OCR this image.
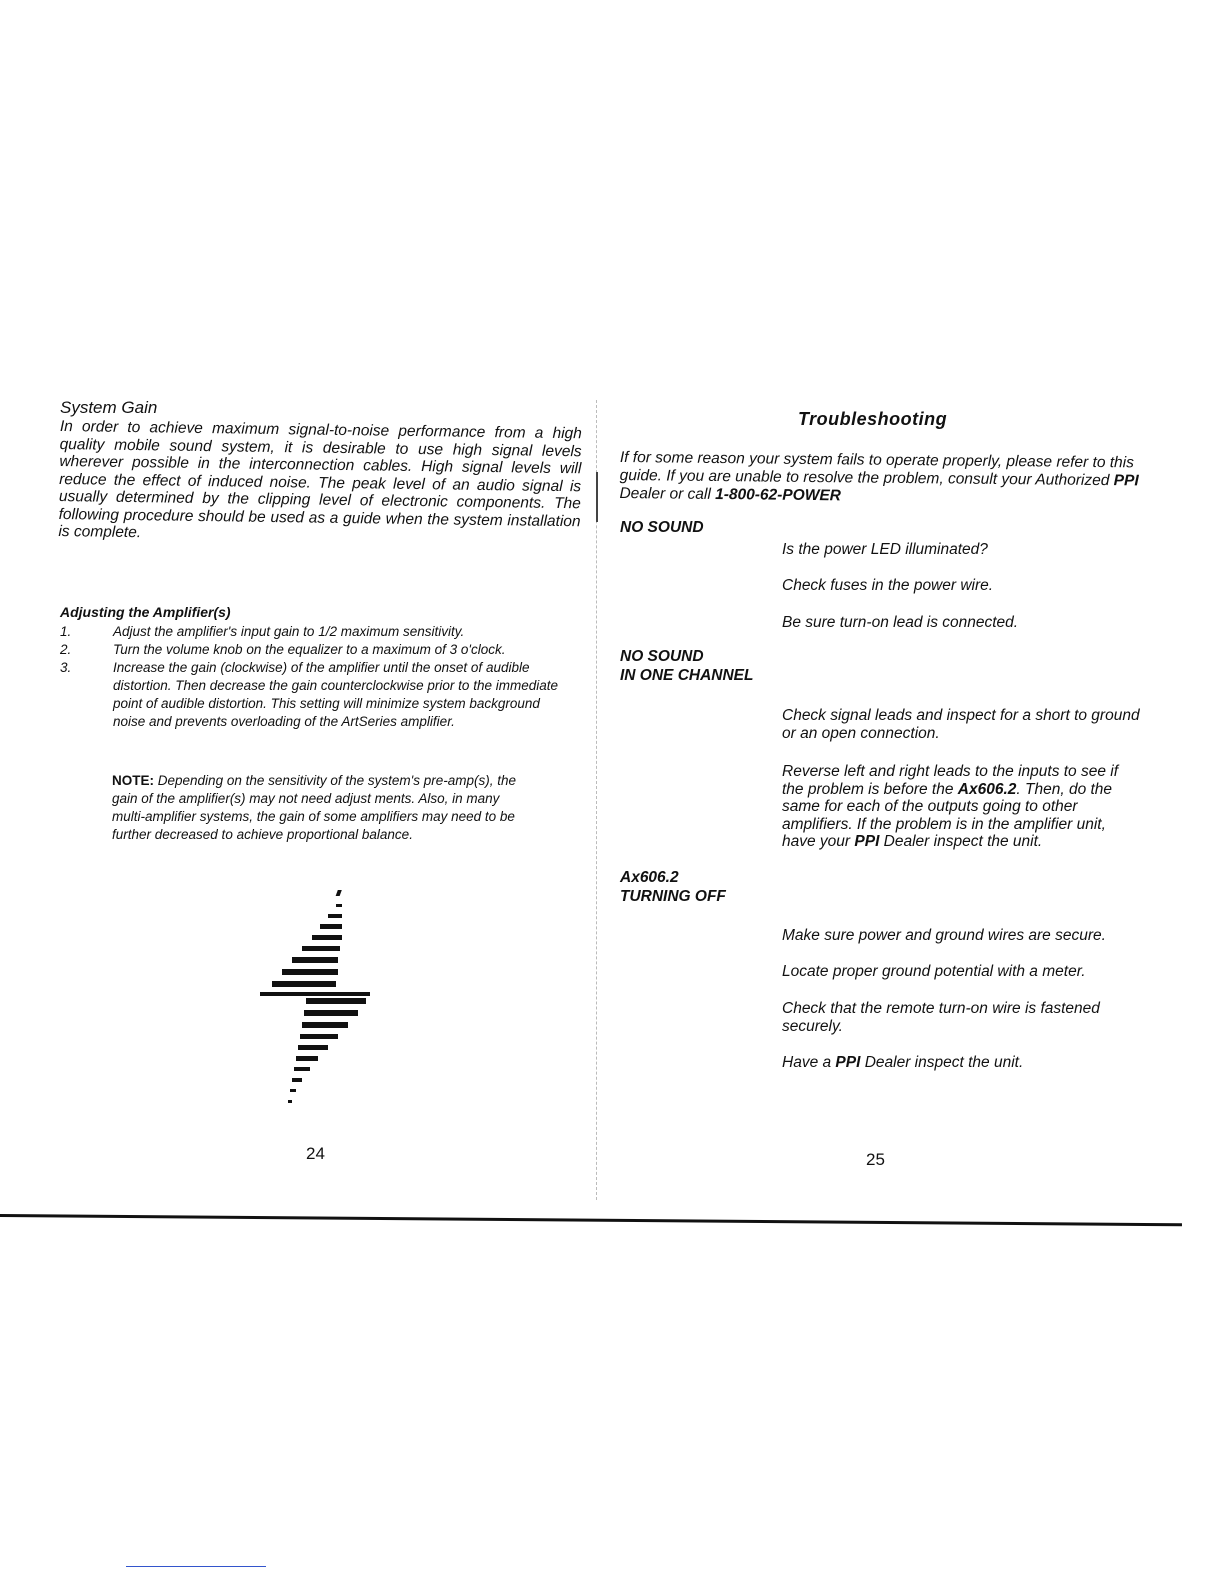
System Gain
In order to achieve maximum signal-to-noise performance from a high quality mobile sound system, it is desirable to use high signal levels wherever possible in the interconnection cables. High signal levels will reduce the effect of induced noise. The peak level of an audio signal is usually determined by the clipping level of electronic components. The following procedure should be used as a guide when the system installation is complete.
Adjusting the Amplifier(s)
1.	Adjust the amplifier's input gain to 1/2 maximum sensitivity.
2.	Turn the volume knob on the equalizer to a maximum of 3 o'clock.
3.	Increase the gain (clockwise) of the amplifier until the onset of audible distortion. Then decrease the gain counterclockwise prior to the immediate point of audible distortion. This setting will minimize system background noise and prevents overloading of the ArtSeries amplifier.
NOTE: Depending on the sensitivity of the system's pre-amp(s), the gain of the amplifier(s) may not need adjust ments. Also, in many multi-amplifier systems, the gain of some amplifiers may need to be further decreased to achieve proportional balance.
24
Troubleshooting
If for some reason your system fails to operate properly, please refer to this guide. If you are unable to resolve the problem, consult your Authorized PPI Dealer or call 1-800-62-POWER
NO SOUND
Is the power LED illuminated?
Check fuses in the power wire.
Be sure turn-on lead is connected.
NO SOUND
IN ONE CHANNEL
Check signal leads and inspect for a short to ground or an open connection.
Reverse left and right leads to the inputs to see if the problem is before the Ax606.2. Then, do the same for each of the outputs going to other amplifiers. If the problem is in the amplifier unit, have your PPI Dealer inspect the unit.
Ax606.2
TURNING OFF
Make sure power and ground wires are secure.
Locate proper ground potential with a meter.
Check that the remote turn-on wire is fastened securely.
Have a PPI Dealer inspect the unit.
25
